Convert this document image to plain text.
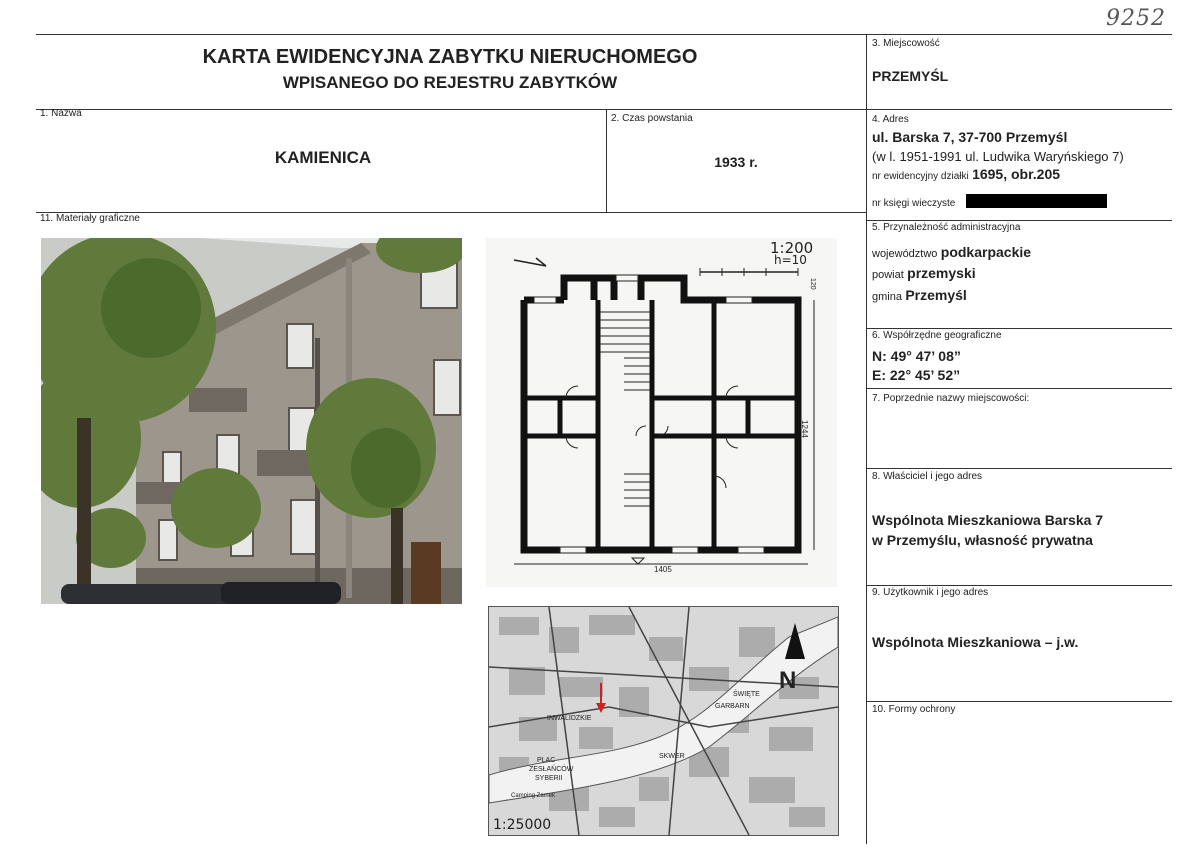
9252
KARTA EWIDENCYJNA ZABYTKU NIERUCHOMEGO
WPISANEGO DO REJESTRU ZABYTKÓW
3. Miejscowość
PRZEMYŚL
1. Nazwa
KAMIENICA
2. Czas powstania
1933 r.
4. Adres
ul. Barska 7, 37-700 Przemyśl
(w l. 1951-1991 ul. Ludwika Waryńskiego 7)
nr ewidencyjny działki 1695, obr.205
nr księgi wieczyste
5. Przynależność administracyjna
województwo podkarpackie
powiat przemyski
gmina Przemyśl
6. Współrzędne geograficzne
N: 49° 47’ 08”
E: 22° 45’ 52”
7. Poprzednie nazwy miejscowości:
8. Właściciel i jego adres
Wspólnota Mieszkaniowa Barska 7
w Przemyślu, własność prywatna
9. Użytkownik i jego adres
Wspólnota Mieszkaniowa – j.w.
10. Formy ochrony
11. Materiały graficzne
1:200
h=10
1405
1244
120
N
ŚWIĘTE
GARBARN
INWALIDZKIE
PLAC
ZESŁAŃCÓW
SYBERII
Camping Zamek
SKWER
1:25000
